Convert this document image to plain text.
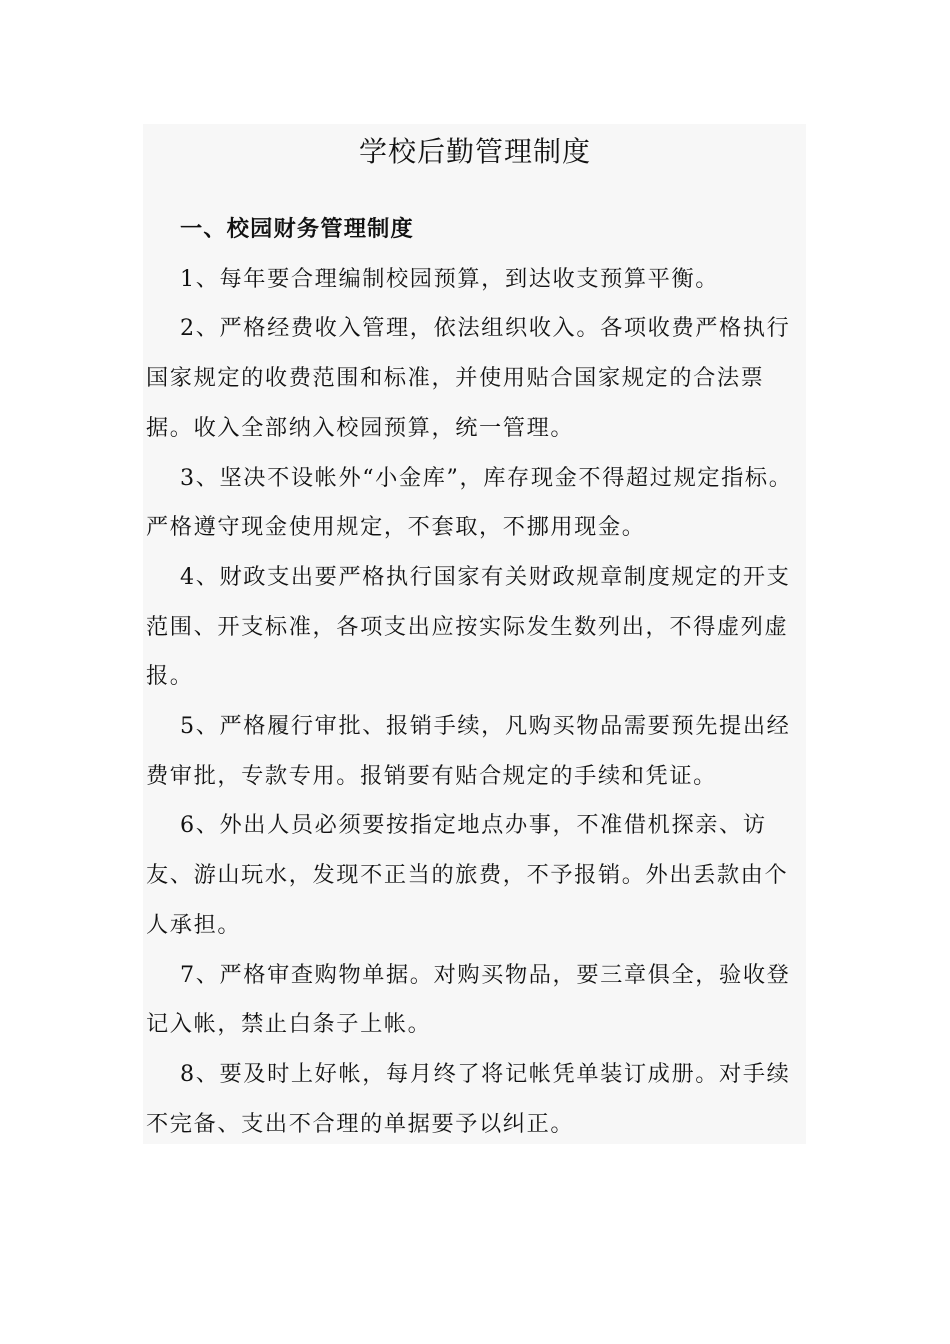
学校后勤管理制度

一、校园财务管理制度

1、每年要合理编制校园预算，到达收支预算平衡。

2、严格经费收入管理，依法组织收入。各项收费严格执行国家规定的收费范围和标准，并使用贴合国家规定的合法票据。收入全部纳入校园预算，统一管理。

3、坚决不设帐外“小金库”，库存现金不得超过规定指标。严格遵守现金使用规定，不套取，不挪用现金。

4、财政支出要严格执行国家有关财政规章制度规定的开支范围、开支标准，各项支出应按实际发生数列出，不得虚列虚报。

5、严格履行审批、报销手续，凡购买物品需要预先提出经费审批，专款专用。报销要有贴合规定的手续和凭证。

6、外出人员必须要按指定地点办事，不准借机探亲、访友、游山玩水，发现不正当的旅费，不予报销。外出丢款由个人承担。

7、严格审查购物单据。对购买物品，要三章俱全，验收登记入帐，禁止白条子上帐。

8、要及时上好帐，每月终了将记帐凭单装订成册。对手续不完备、支出不合理的单据要予以纠正。
